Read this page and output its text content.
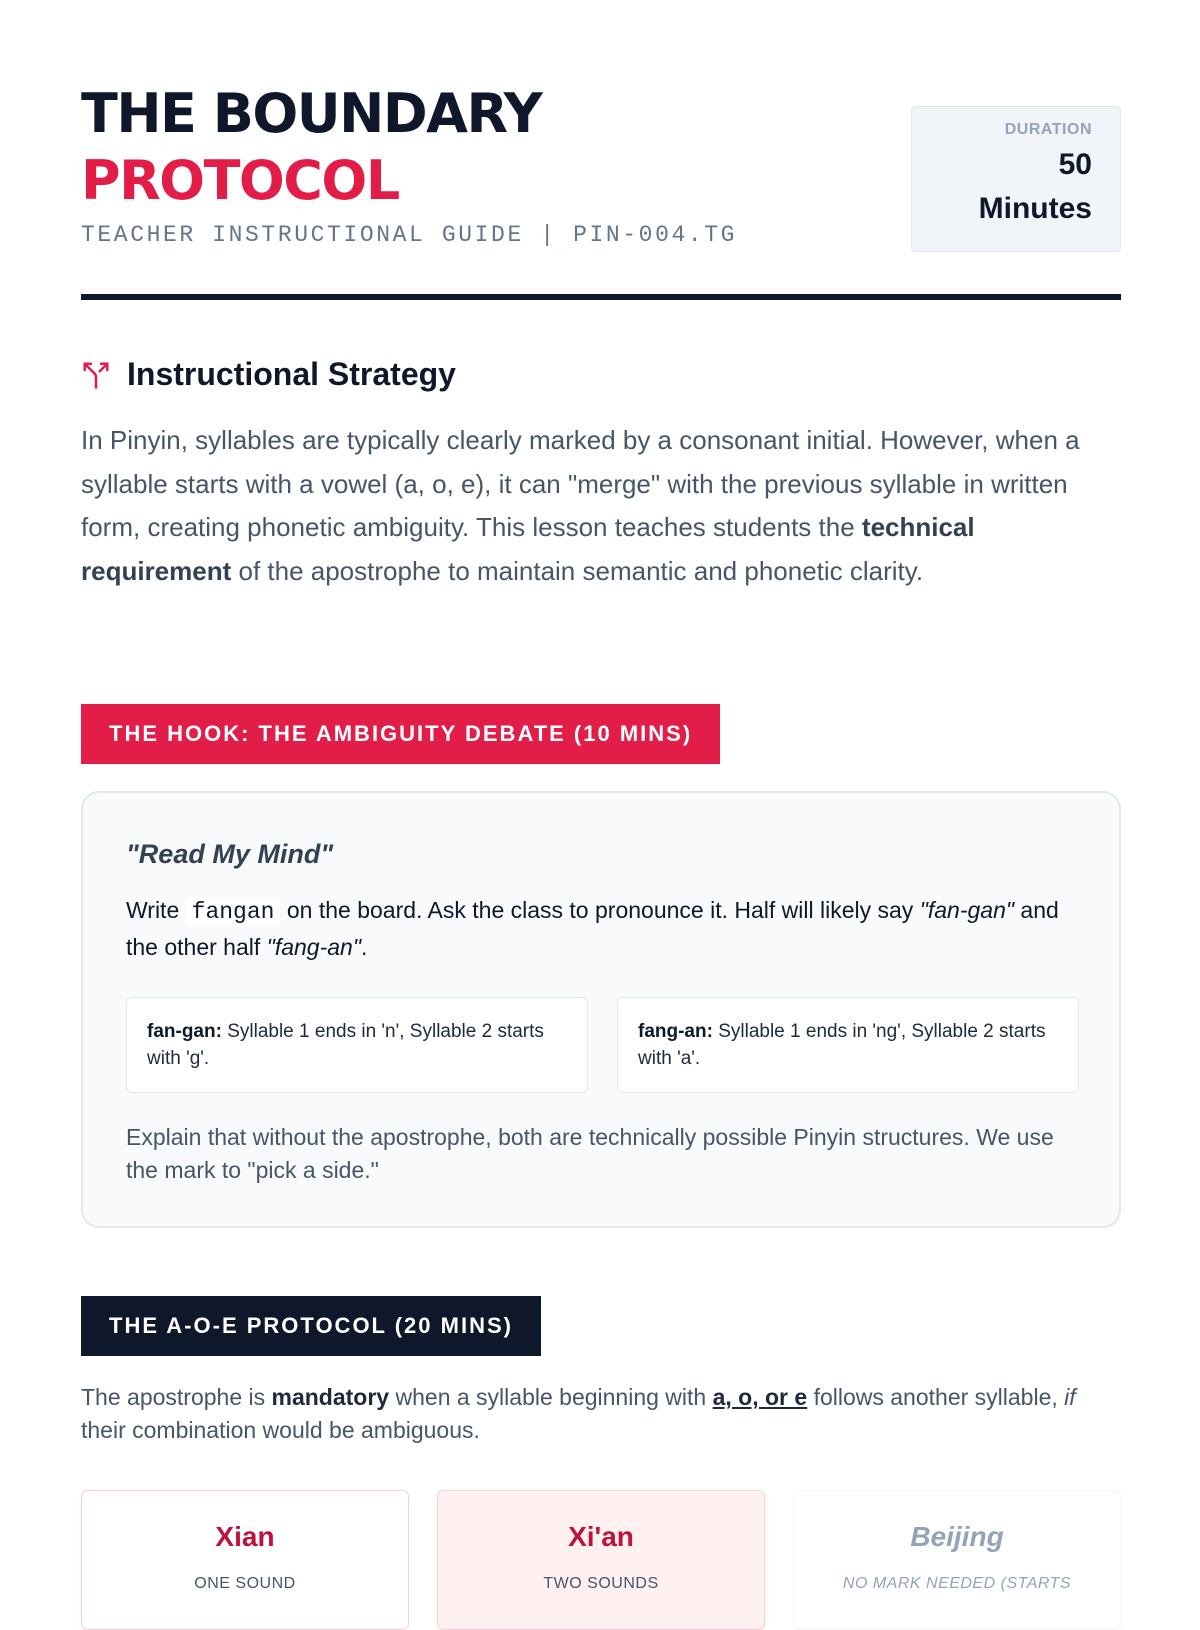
THE BOUNDARY
PROTOCOL
TEACHER INSTRUCTIONAL GUIDE | PIN-004.TG
DURATION
50
Minutes
Instructional Strategy
In Pinyin, syllables are typically clearly marked by a consonant initial. However, when a syllable starts with a vowel (a, o, e), it can "merge" with the previous syllable in written form, creating phonetic ambiguity. This lesson teaches students the technical requirement of the apostrophe to maintain semantic and phonetic clarity.
THE HOOK: THE AMBIGUITY DEBATE (10 MINS)
"Read My Mind"
Write fangan on the board. Ask the class to pronounce it. Half will likely say "fan-gan" and the other half "fang-an".
fan-gan: Syllable 1 ends in 'n', Syllable 2 starts with 'g'.
fang-an: Syllable 1 ends in 'ng', Syllable 2 starts with 'a'.
Explain that without the apostrophe, both are technically possible Pinyin structures. We use the mark to "pick a side."
THE A-O-E PROTOCOL (20 MINS)
The apostrophe is mandatory when a syllable beginning with a, o, or e follows another syllable, if their combination would be ambiguous.
Xian
ONE SOUND
Xi'an
TWO SOUNDS
Beijing
NO MARK NEEDED (STARTS
